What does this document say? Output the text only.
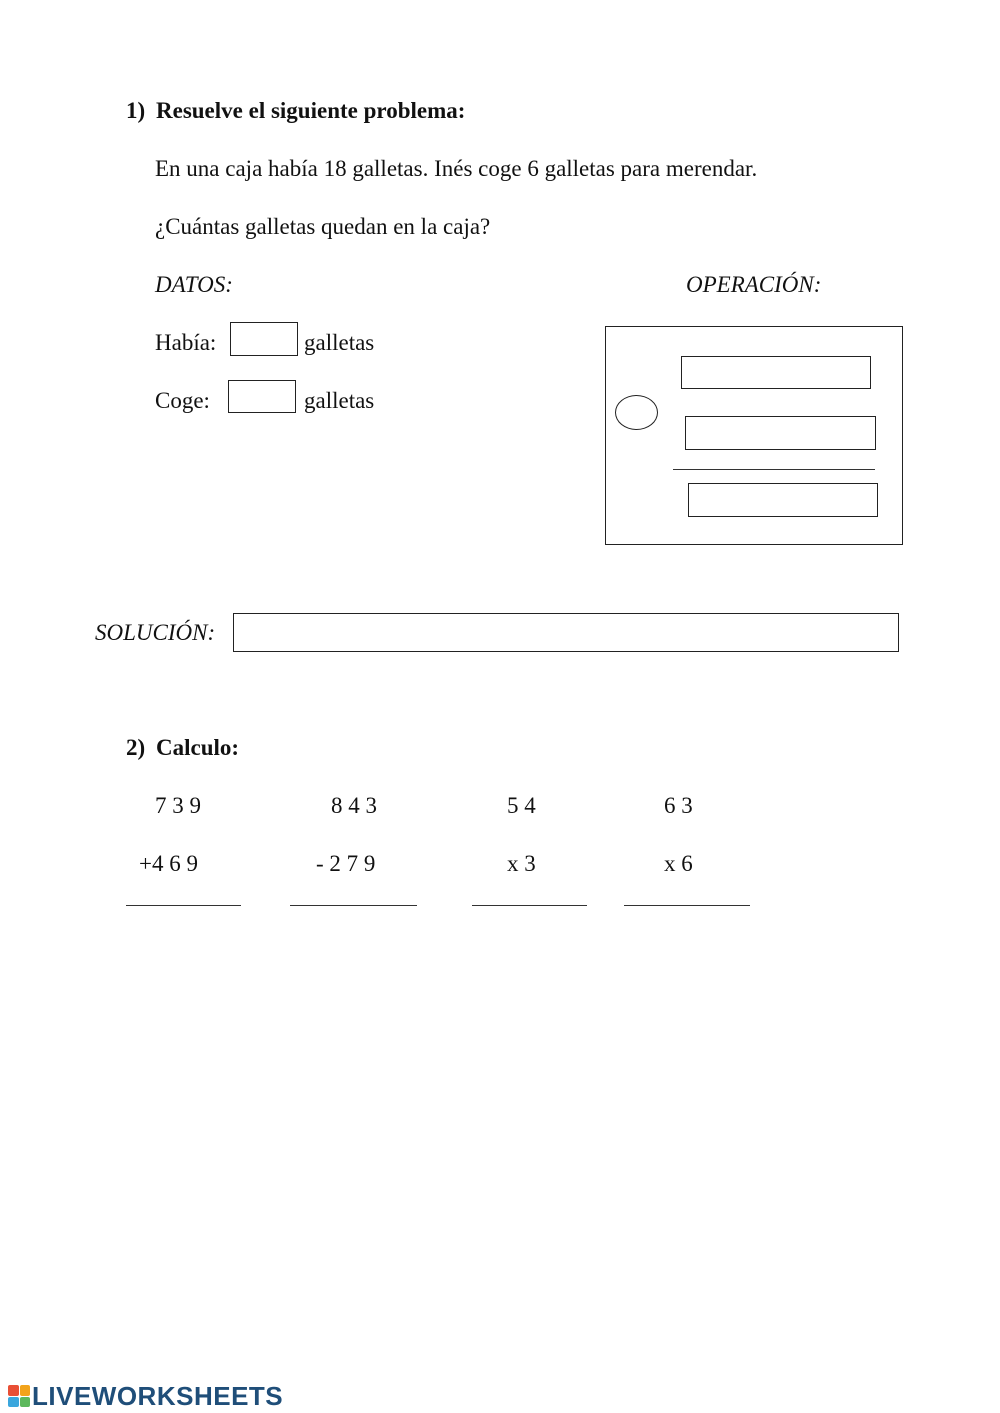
1) Resuelve el siguiente problema:
En una caja había 18 galletas. Inés coge 6 galletas para merendar.
¿Cuántas galletas quedan en la caja?
DATOS:	OPERACIÓN:
Había:	galletas
Coge:	galletas
SOLUCIÓN:
2) Calculo:
7 3 9
+4 6 9
8 4 3
- 2 7 9
5 4
x 3
6 3
x 6
LIVEWORKSHEETS
